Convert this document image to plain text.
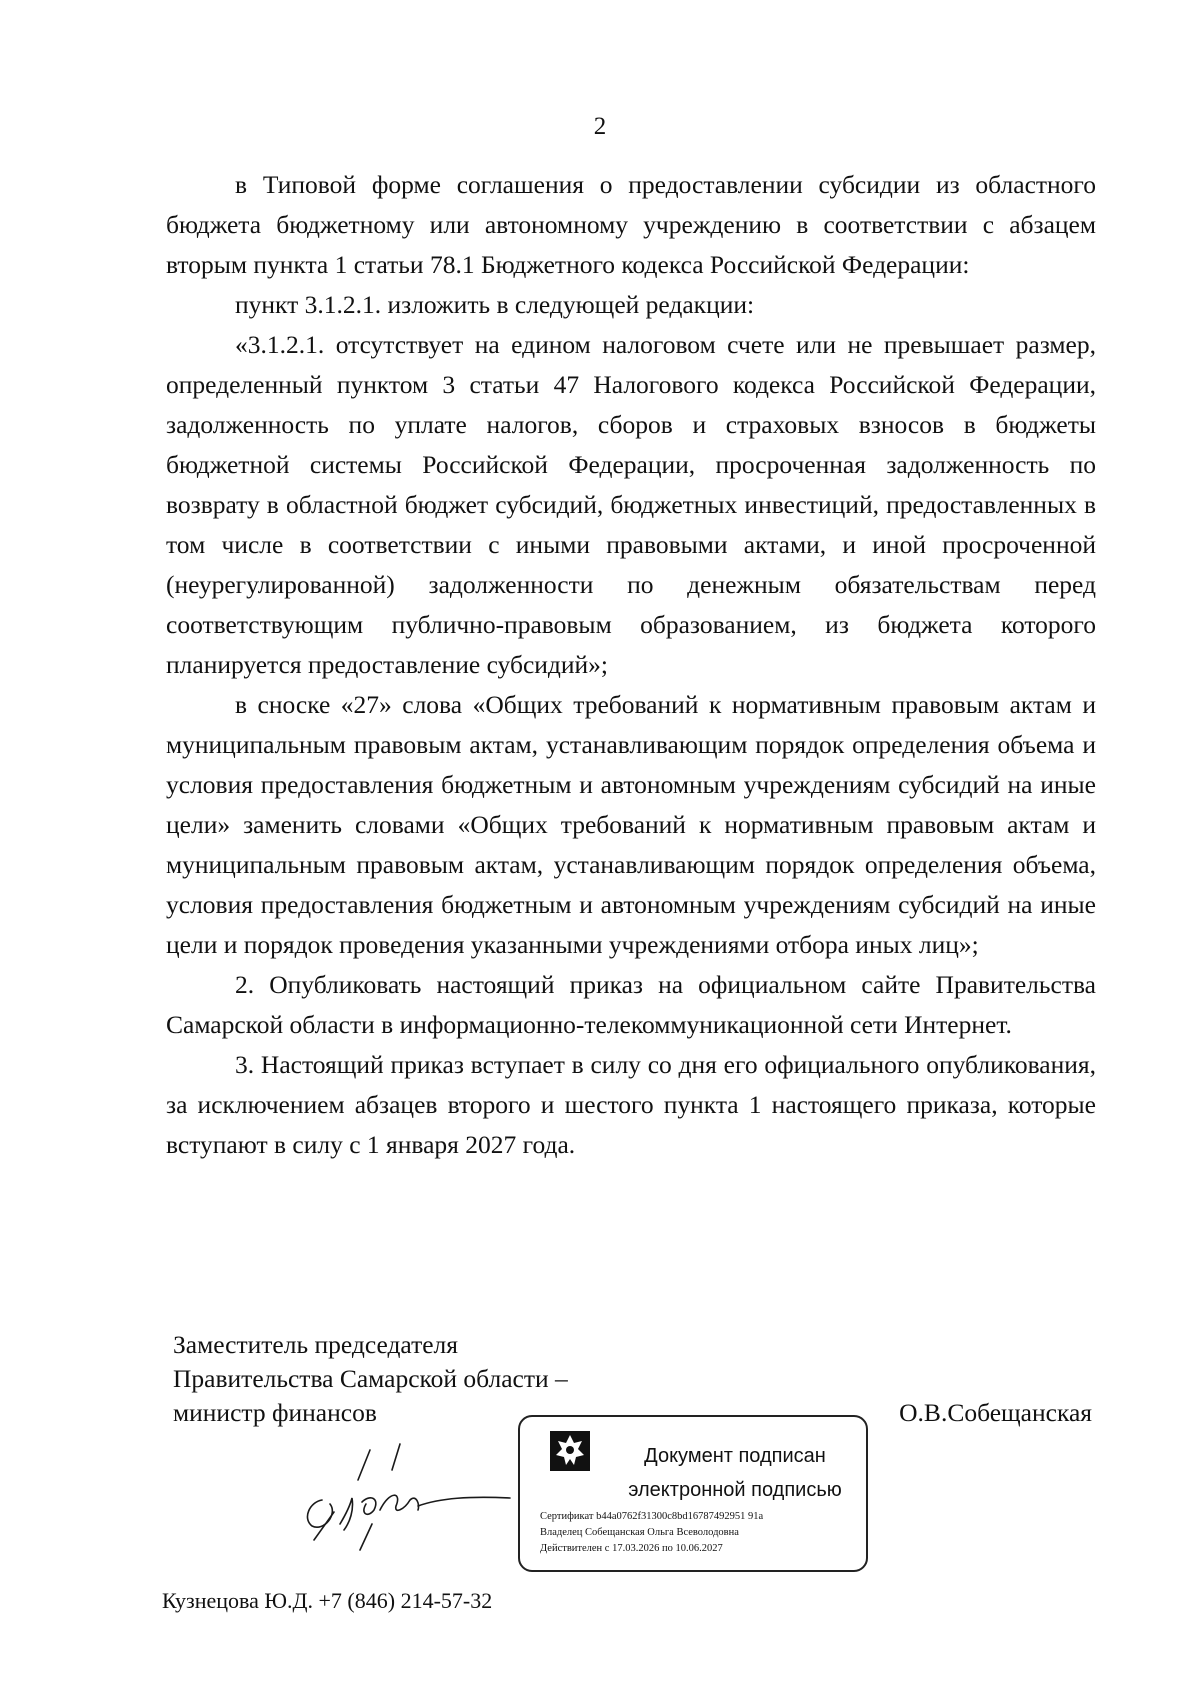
2

в Типовой форме соглашения о предоставлении субсидии из областного бюджета бюджетному или автономному учреждению в соответствии с абзацем вторым пункта 1 статьи 78.1 Бюджетного кодекса Российской Федерации:

пункт 3.1.2.1. изложить в следующей редакции:

«3.1.2.1. отсутствует на едином налоговом счете или не превышает размер, определенный пунктом 3 статьи 47 Налогового кодекса Российской Федерации, задолженность по уплате налогов, сборов и страховых взносов в бюджеты бюджетной системы Российской Федерации, просроченная задолженность по возврату в областной бюджет субсидий, бюджетных инвестиций, предоставленных в том числе в соответствии с иными правовыми актами, и иной просроченной (неурегулированной) задолженности по денежным обязательствам перед соответствующим публично-правовым образованием, из бюджета которого планируется предоставление субсидий»;

в сноске «27» слова «Общих требований к нормативным правовым актам и муниципальным правовым актам, устанавливающим порядок определения объема и условия предоставления бюджетным и автономным учреждениям субсидий на иные цели» заменить словами «Общих требований к нормативным правовым актам и муниципальным правовым актам, устанавливающим порядок определения объема, условия предоставления бюджетным и автономным учреждениям субсидий на иные цели и порядок проведения указанными учреждениями отбора иных лиц»;

2. Опубликовать настоящий приказ на официальном сайте Правительства Самарской области в информационно-телекоммуникационной сети Интернет.

3. Настоящий приказ вступает в силу со дня его официального опубликования, за исключением абзацев второго и шестого пункта 1 настоящего приказа, которые вступают в силу с 1 января 2027 года.

Заместитель председателя
Правительства Самарской области –
министр финансов	О.В.Собещанская
Документ подписан
электронной подписью
Сертификат b44a0762f31300c8bd16787492951 91a
Владелец Собещанская Ольга Всеволодовна
Действителен с 17.03.2026 по 10.06.2027
Кузнецова Ю.Д. +7 (846) 214-57-32
